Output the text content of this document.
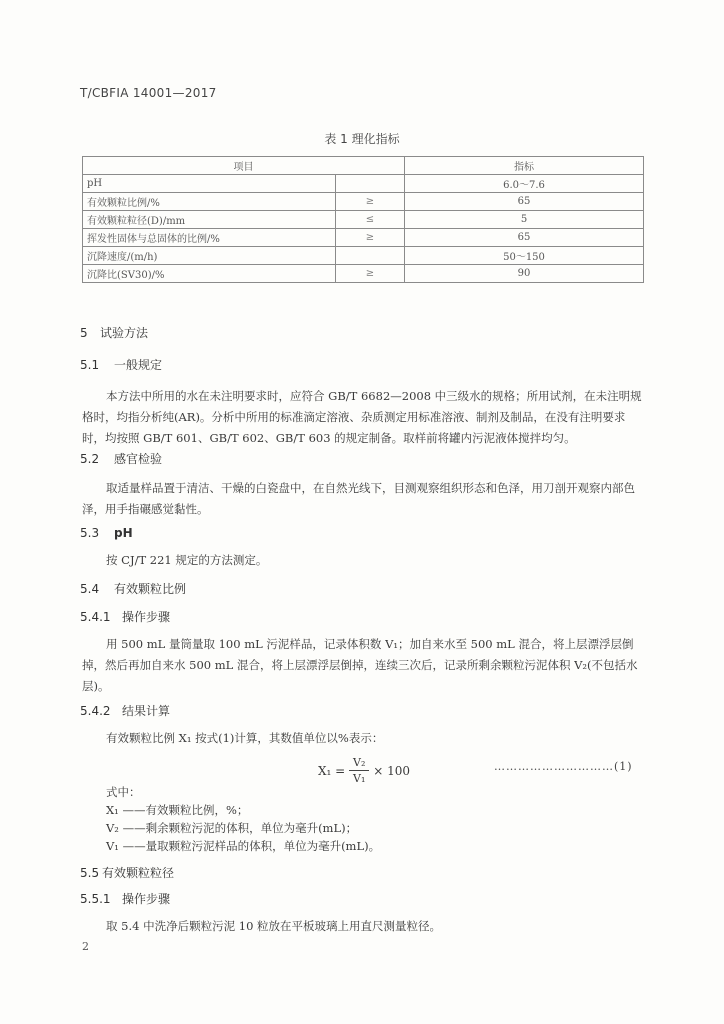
T/CBFIA 14001—2017
表 1 理化指标
项目		指标
pH		6.0～7.6
有效颗粒比例/%	≥	65
有效颗粒粒径(D)/mm	≤	5
挥发性固体与总固体的比例/%	≥	65
沉降速度/(m/h)		50～150
沉降比(SV30)/%	≥	90
5 试验方法
5.1 一般规定
本方法中所用的水在未注明要求时，应符合 GB/T 6682—2008 中三级水的规格；所用试剂，在未注明规格时，均指分析纯(AR)。分析中所用的标准滴定溶液、杂质测定用标准溶液、制剂及制品，在没有注明要求时，均按照 GB/T 601、GB/T 602、GB/T 603 的规定制备。取样前将罐内污泥液体搅拌均匀。
5.2 感官检验
取适量样品置于清洁、干燥的白瓷盘中，在自然光线下，目测观察组织形态和色泽，用刀剖开观察内部色泽，用手指碾感觉黏性。
5.3 pH
按 CJ/T 221 规定的方法测定。
5.4 有效颗粒比例
5.4.1 操作步骤
用 500 mL 量筒量取 100 mL 污泥样品，记录体积数 V₁；加自来水至 500 mL 混合，将上层漂浮层倒掉，然后再加自来水 500 mL 混合，将上层漂浮层倒掉，连续三次后，记录所剩余颗粒污泥体积 V₂(不包括水层)。
5.4.2 结果计算
有效颗粒比例 X₁ 按式(1)计算，其数值单位以%表示：
$X_1 = \frac{\text{V₂}}{\text{V₁}} \times 100$	…………………………(1)
式中：
X₁ ——有效颗粒比例，%；
V₂ ——剩余颗粒污泥的体积，单位为毫升(mL)；
V₁ ——量取颗粒污泥样品的体积，单位为毫升(mL)。
5.5 有效颗粒粒径
5.5.1 操作步骤
取 5.4 中洗净后颗粒污泥 10 粒放在平板玻璃上用直尺测量粒径。
2
